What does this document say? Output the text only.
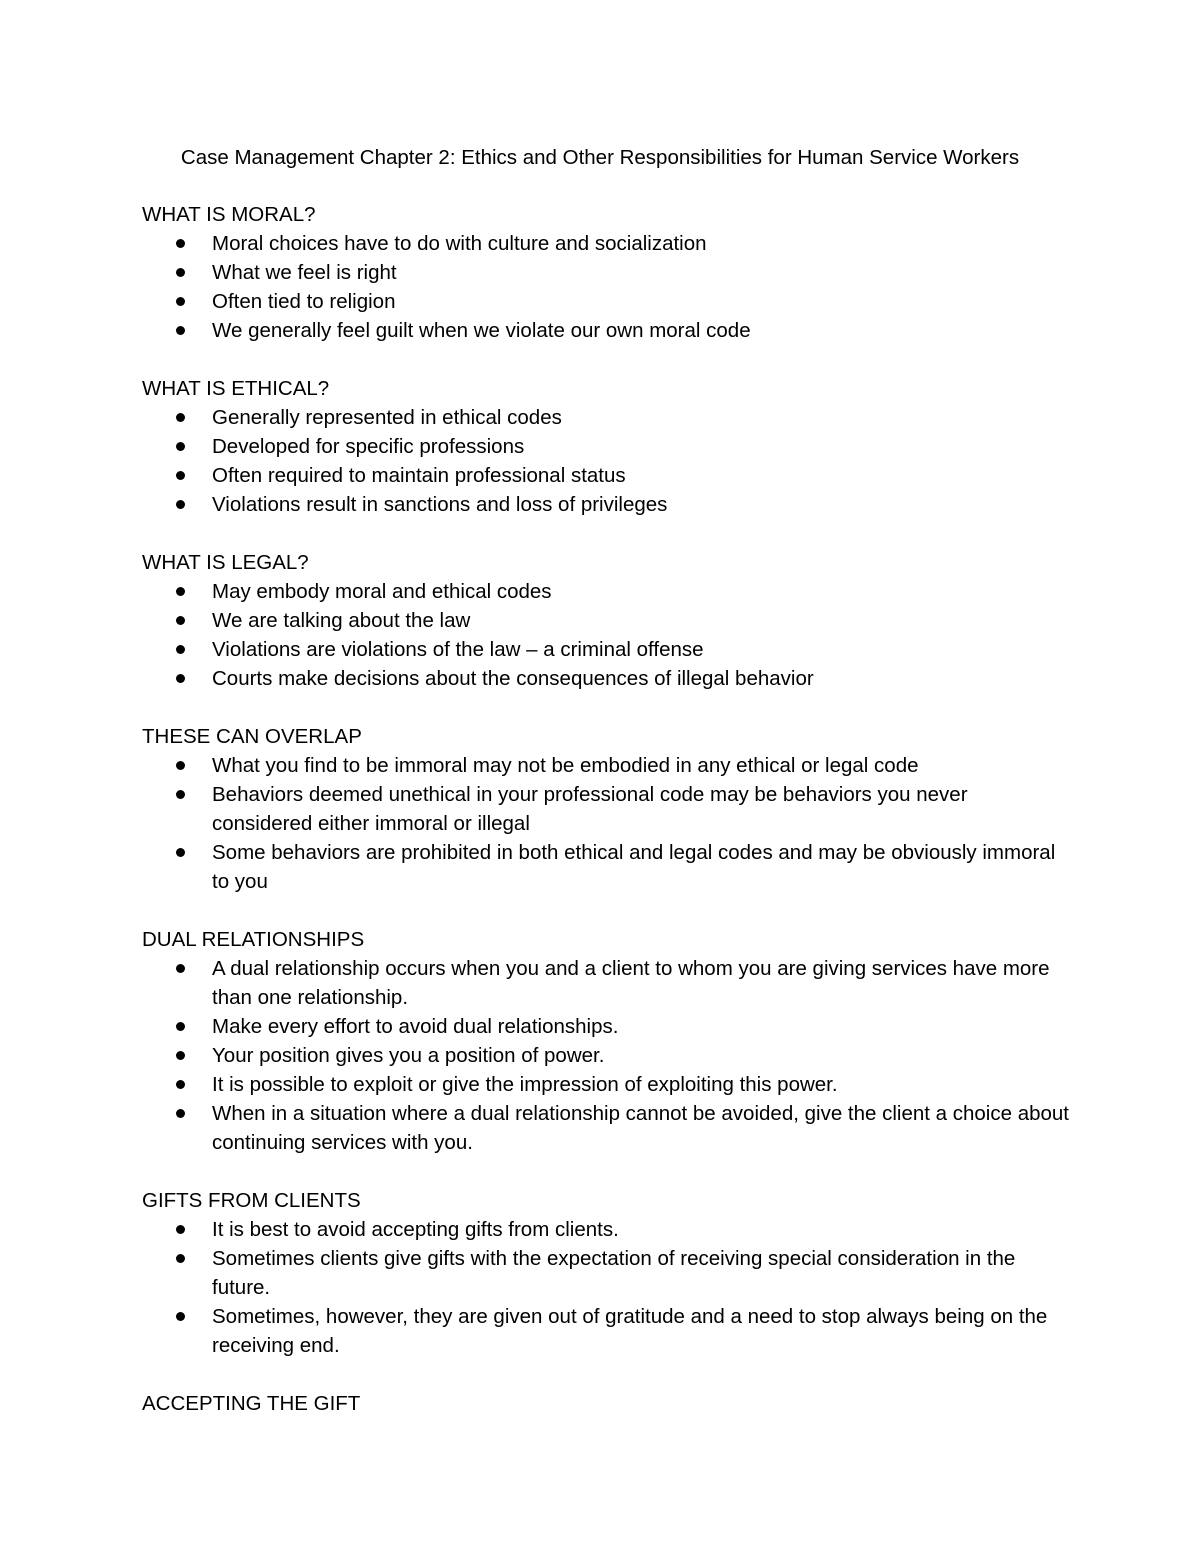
Case Management Chapter 2: Ethics and Other Responsibilities for Human Service Workers
WHAT IS MORAL?
Moral choices have to do with culture and socialization
What we feel is right
Often tied to religion
We generally feel guilt when we violate our own moral code
WHAT IS ETHICAL?
Generally represented in ethical codes
Developed for specific professions
Often required to maintain professional status
Violations result in sanctions and loss of privileges
WHAT IS LEGAL?
May embody moral and ethical codes
We are talking about the law
Violations are violations of the law – a criminal offense
Courts make decisions about the consequences of illegal behavior
THESE CAN OVERLAP
What you find to be immoral may not be embodied in any ethical or legal code
Behaviors deemed unethical in your professional code may be behaviors you never considered either immoral or illegal
Some behaviors are prohibited in both ethical and legal codes and may be obviously immoral to you
DUAL RELATIONSHIPS
A dual relationship occurs when you and a client to whom you are giving services have more than one relationship.
Make every effort to avoid dual relationships.
Your position gives you a position of power.
It is possible to exploit or give the impression of exploiting this power.
When in a situation where a dual relationship cannot be avoided, give the client a choice about continuing services with you.
GIFTS FROM CLIENTS
It is best to avoid accepting gifts from clients.
Sometimes clients give gifts with the expectation of receiving special consideration in the future.
Sometimes, however, they are given out of gratitude and a need to stop always being on the receiving end.
ACCEPTING THE GIFT
